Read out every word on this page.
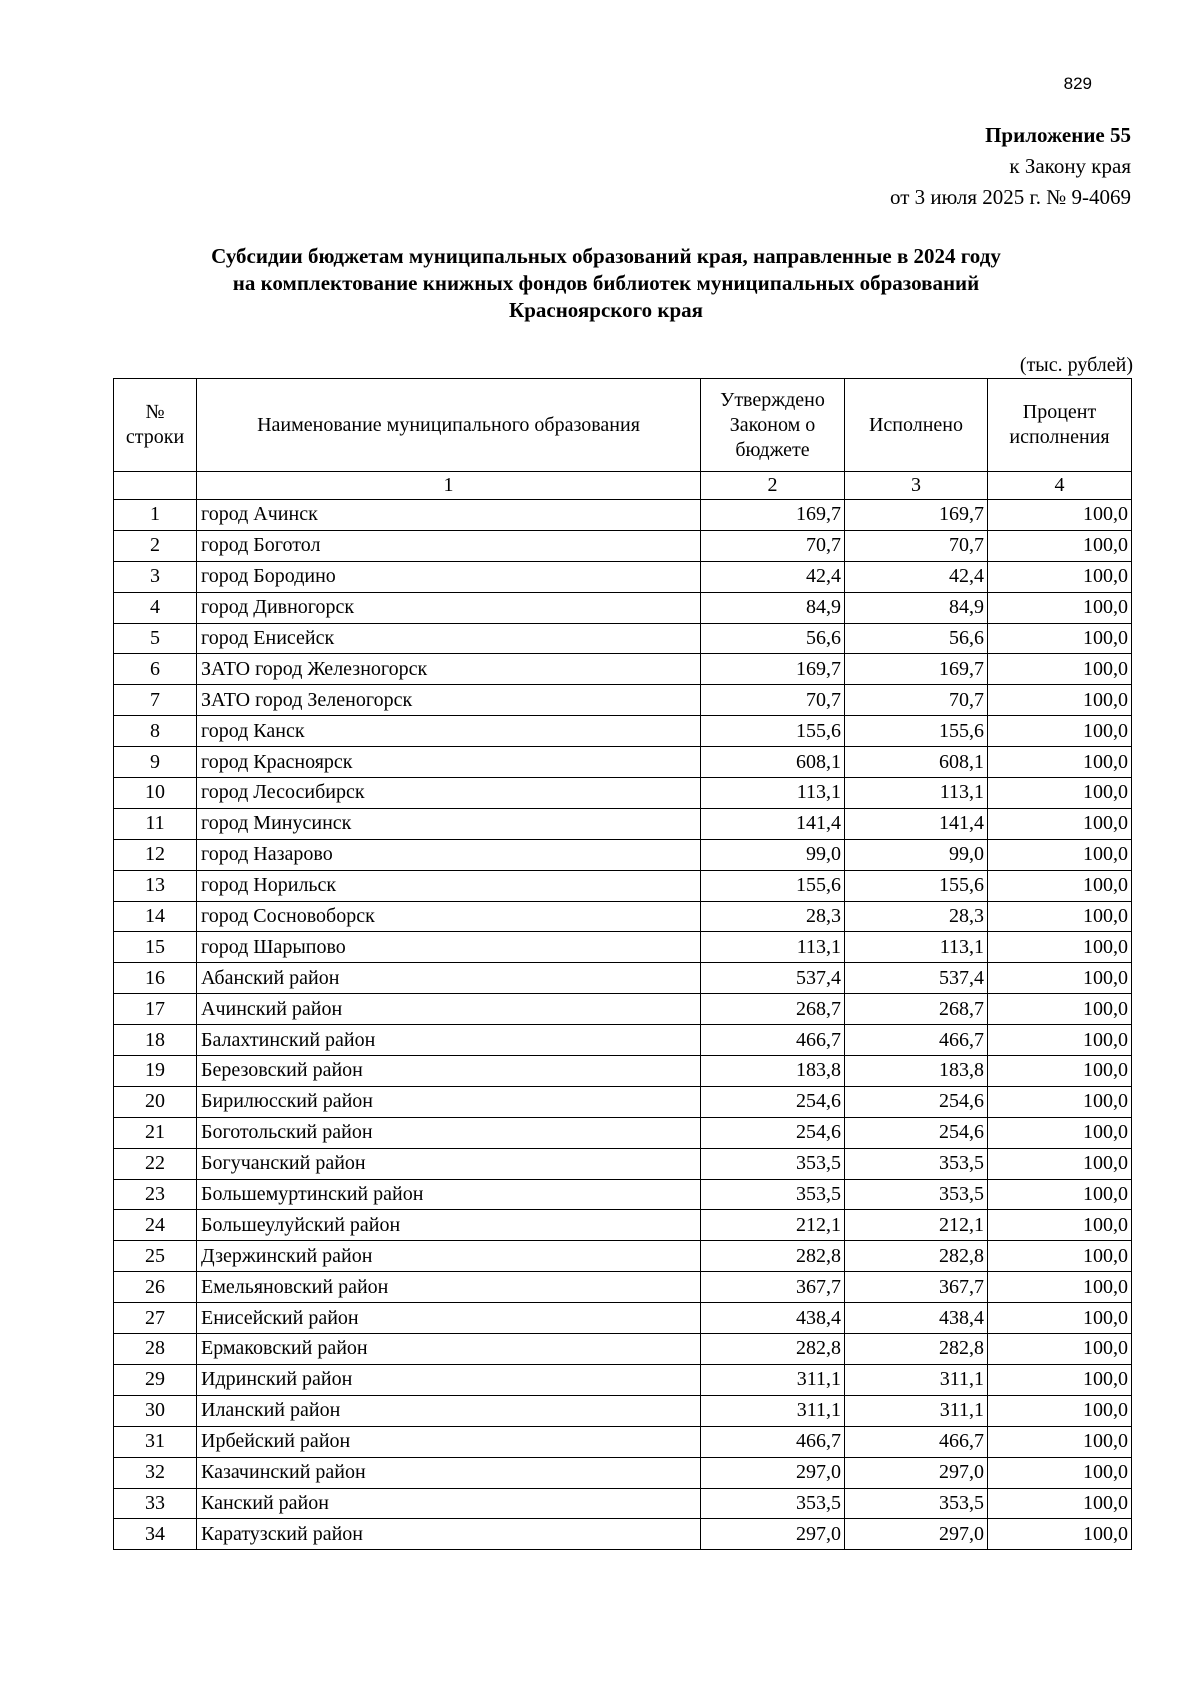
829
Приложение 55
к Закону края
от 3 июля 2025 г. № 9-4069
Субсидии бюджетам муниципальных образований края, направленные в 2024 году
на комплектование книжных фондов библиотек муниципальных образований
Красноярского края
(тыс. рублей)
№ строки	Наименование муниципального образования	Утверждено Законом о бюджете	Исполнено	Процент исполнения
	1	2	3	4
1	город Ачинск	169,7	169,7	100,0
2	город Боготол	70,7	70,7	100,0
3	город Бородино	42,4	42,4	100,0
4	город Дивногорск	84,9	84,9	100,0
5	город Енисейск	56,6	56,6	100,0
6	ЗАТО город Железногорск	169,7	169,7	100,0
7	ЗАТО город Зеленогорск	70,7	70,7	100,0
8	город Канск	155,6	155,6	100,0
9	город Красноярск	608,1	608,1	100,0
10	город Лесосибирск	113,1	113,1	100,0
11	город Минусинск	141,4	141,4	100,0
12	город Назарово	99,0	99,0	100,0
13	город Норильск	155,6	155,6	100,0
14	город Сосновоборск	28,3	28,3	100,0
15	город Шарыпово	113,1	113,1	100,0
16	Абанский район	537,4	537,4	100,0
17	Ачинский район	268,7	268,7	100,0
18	Балахтинский район	466,7	466,7	100,0
19	Березовский район	183,8	183,8	100,0
20	Бирилюсский район	254,6	254,6	100,0
21	Боготольский район	254,6	254,6	100,0
22	Богучанский район	353,5	353,5	100,0
23	Большемуртинский район	353,5	353,5	100,0
24	Большеулуйский район	212,1	212,1	100,0
25	Дзержинский район	282,8	282,8	100,0
26	Емельяновский район	367,7	367,7	100,0
27	Енисейский район	438,4	438,4	100,0
28	Ермаковский район	282,8	282,8	100,0
29	Идринский район	311,1	311,1	100,0
30	Иланский район	311,1	311,1	100,0
31	Ирбейский район	466,7	466,7	100,0
32	Казачинский район	297,0	297,0	100,0
33	Канский район	353,5	353,5	100,0
34	Каратузский район	297,0	297,0	100,0
